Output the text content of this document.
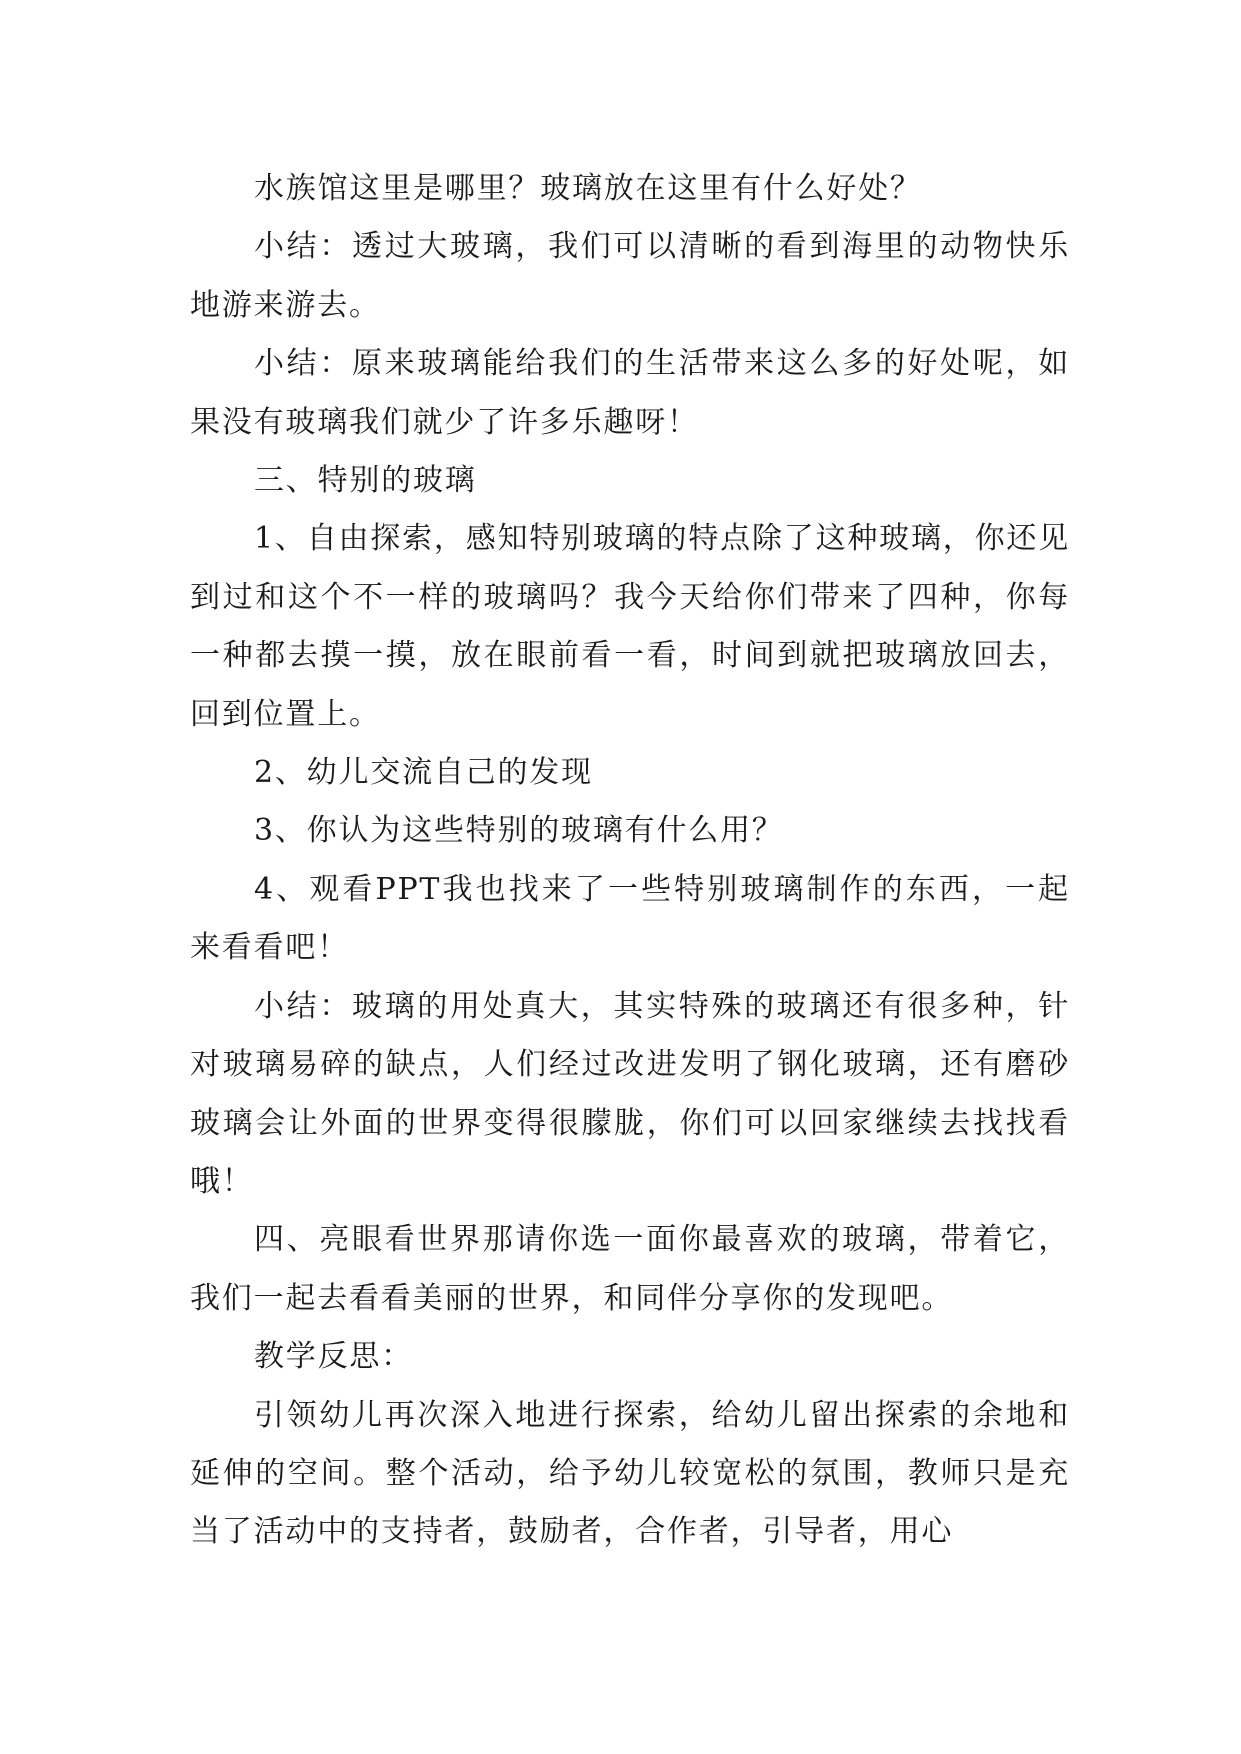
水族馆这里是哪里？玻璃放在这里有什么好处？

小结：透过大玻璃，我们可以清晰的看到海里的动物快乐地游来游去。

小结：原来玻璃能给我们的生活带来这么多的好处呢，如果没有玻璃我们就少了许多乐趣呀！

三、特别的玻璃

1、自由探索，感知特别玻璃的特点除了这种玻璃，你还见到过和这个不一样的玻璃吗？我今天给你们带来了四种，你每一种都去摸一摸，放在眼前看一看，时间到就把玻璃放回去，回到位置上。

2、幼儿交流自己的发现

3、你认为这些特别的玻璃有什么用？

4、观看PPT我也找来了一些特别玻璃制作的东西，一起来看看吧！

小结：玻璃的用处真大，其实特殊的玻璃还有很多种，针对玻璃易碎的缺点，人们经过改进发明了钢化玻璃，还有磨砂玻璃会让外面的世界变得很朦胧，你们可以回家继续去找找看哦！

四、亮眼看世界那请你选一面你最喜欢的玻璃，带着它，我们一起去看看美丽的世界，和同伴分享你的发现吧。

教学反思：

引领幼儿再次深入地进行探索，给幼儿留出探索的余地和延伸的空间。整个活动，给予幼儿较宽松的氛围，教师只是充当了活动中的支持者，鼓励者，合作者，引导者，用心
